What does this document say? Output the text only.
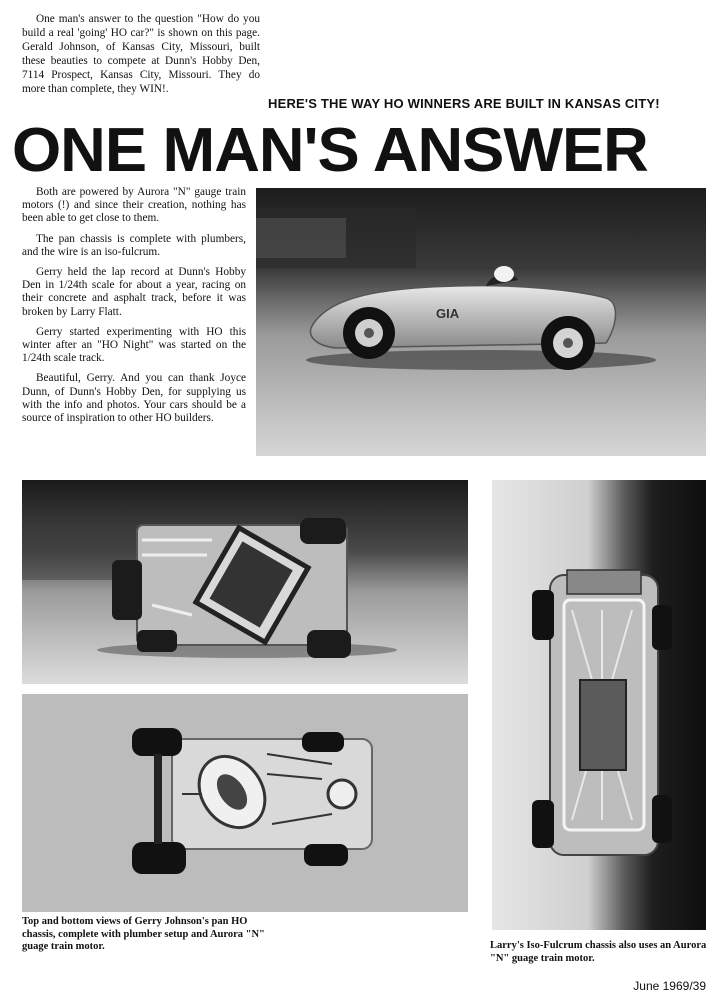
One man's answer to the question "How do you build a real 'going' HO car?" is shown on this page. Gerald Johnson, of Kansas City, Missouri, built these beauties to compete at Dunn's Hobby Den, 7114 Prospect, Kansas City, Missouri. They do more than complete, they WIN!.

HERE'S THE WAY HO WINNERS ARE BUILT IN KANSAS CITY!
ONE MAN'S ANSWER

Both are powered by Aurora "N" gauge train motors (!) and since their creation, nothing has been able to get close to them.

The pan chassis is complete with plumbers, and the wire is an iso-fulcrum.

Gerry held the lap record at Dunn's Hobby Den in 1/24th scale for about a year, racing on their concrete and asphalt track, before it was broken by Larry Flatt.

Gerry started experimenting with HO this winter after an "HO Night" was started on the 1/24th scale track.

Beautiful, Gerry. And you can thank Joyce Dunn, of Dunn's Hobby Den, for supplying us with the info and photos. Your cars should be a source of inspiration to other HO builders.

GIA

Top and bottom views of Gerry Johnson's pan HO chassis, complete with plumber setup and Aurora "N" guage train motor.	Larry's Iso-Fulcrum chassis also uses an Aurora "N" guage train motor.

June 1969/39
